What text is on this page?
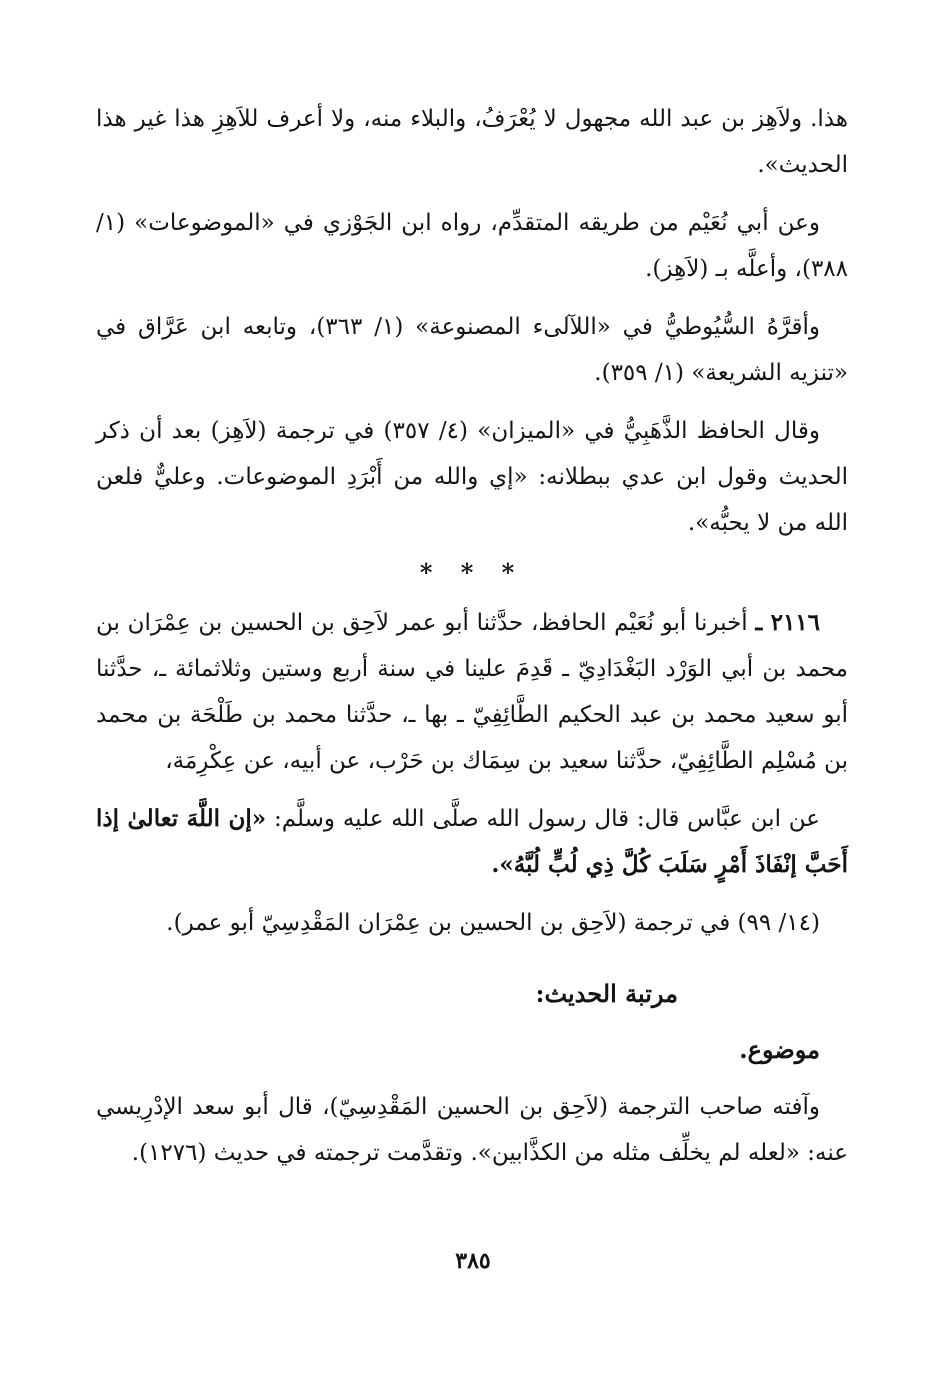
هذا. ولاَهِز بن عبد الله مجهول لا يُعْرَفُ، والبلاء منه، ولا أعرف للاَهِزِ هذا غير هذا الحديث».

وعن أبي نُعَيْم من طريقه المتقدِّم، رواه ابن الجَوْزي في «الموضوعات» (١/ ٣٨٨)، وأعلَّه بـ (لاَهِز).

وأقرَّهُ السُّيُوطيُّ في «اللآلىء المصنوعة» (١/ ٣٦٣)، وتابعه ابن عَرَّاق في «تنزيه الشريعة» (١/ ٣٥٩).

وقال الحافظ الذَّهَبِيُّ في «الميزان» (٤/ ٣٥٧) في ترجمة (لاَهِز) بعد أن ذكر الحديث وقول ابن عدي ببطلانه: «إي والله من أَبْرَدِ الموضوعات. وعليٌّ فلعن الله من لا يحبُّه».

* * *

٢١١٦ ـ أخبرنا أبو نُعَيْم الحافظ، حدَّثنا أبو عمر لاَحِق بن الحسين بن عِمْرَان بن محمد بن أبي الوَرْد البَغْدَادِيّ ـ قَدِمَ علينا في سنة أربع وستين وثلاثمائة ـ، حدَّثنا أبو سعيد محمد بن عبد الحكيم الطَّائِفِيّ ـ بها ـ، حدَّثنا محمد بن طَلْحَة بن محمد بن مُسْلِم الطَّائِفِيّ، حدَّثنا سعيد بن سِمَاك بن حَرْب، عن أبيه، عن عِكْرِمَة،

عن ابن عبَّاس قال: قال رسول الله صلَّى الله عليه وسلَّم: «إن اللَّهَ تعالىٰ إذا أَحَبَّ إنْفَاذَ أَمْرٍ سَلَبَ كُلَّ ذِي لُبٍّ لُبَّهُ».

(١٤/ ٩٩) في ترجمة (لاَحِق بن الحسين بن عِمْرَان المَقْدِسِيّ أبو عمر).

مرتبة الحديث:
موضوع.

وآفته صاحب الترجمة (لاَحِق بن الحسين المَقْدِسِيّ)، قال أبو سعد الإدْرِيسي عنه: «لعله لم يخلِّف مثله من الكذَّابين». وتقدَّمت ترجمته في حديث (١٢٧٦).

٣٨٥
